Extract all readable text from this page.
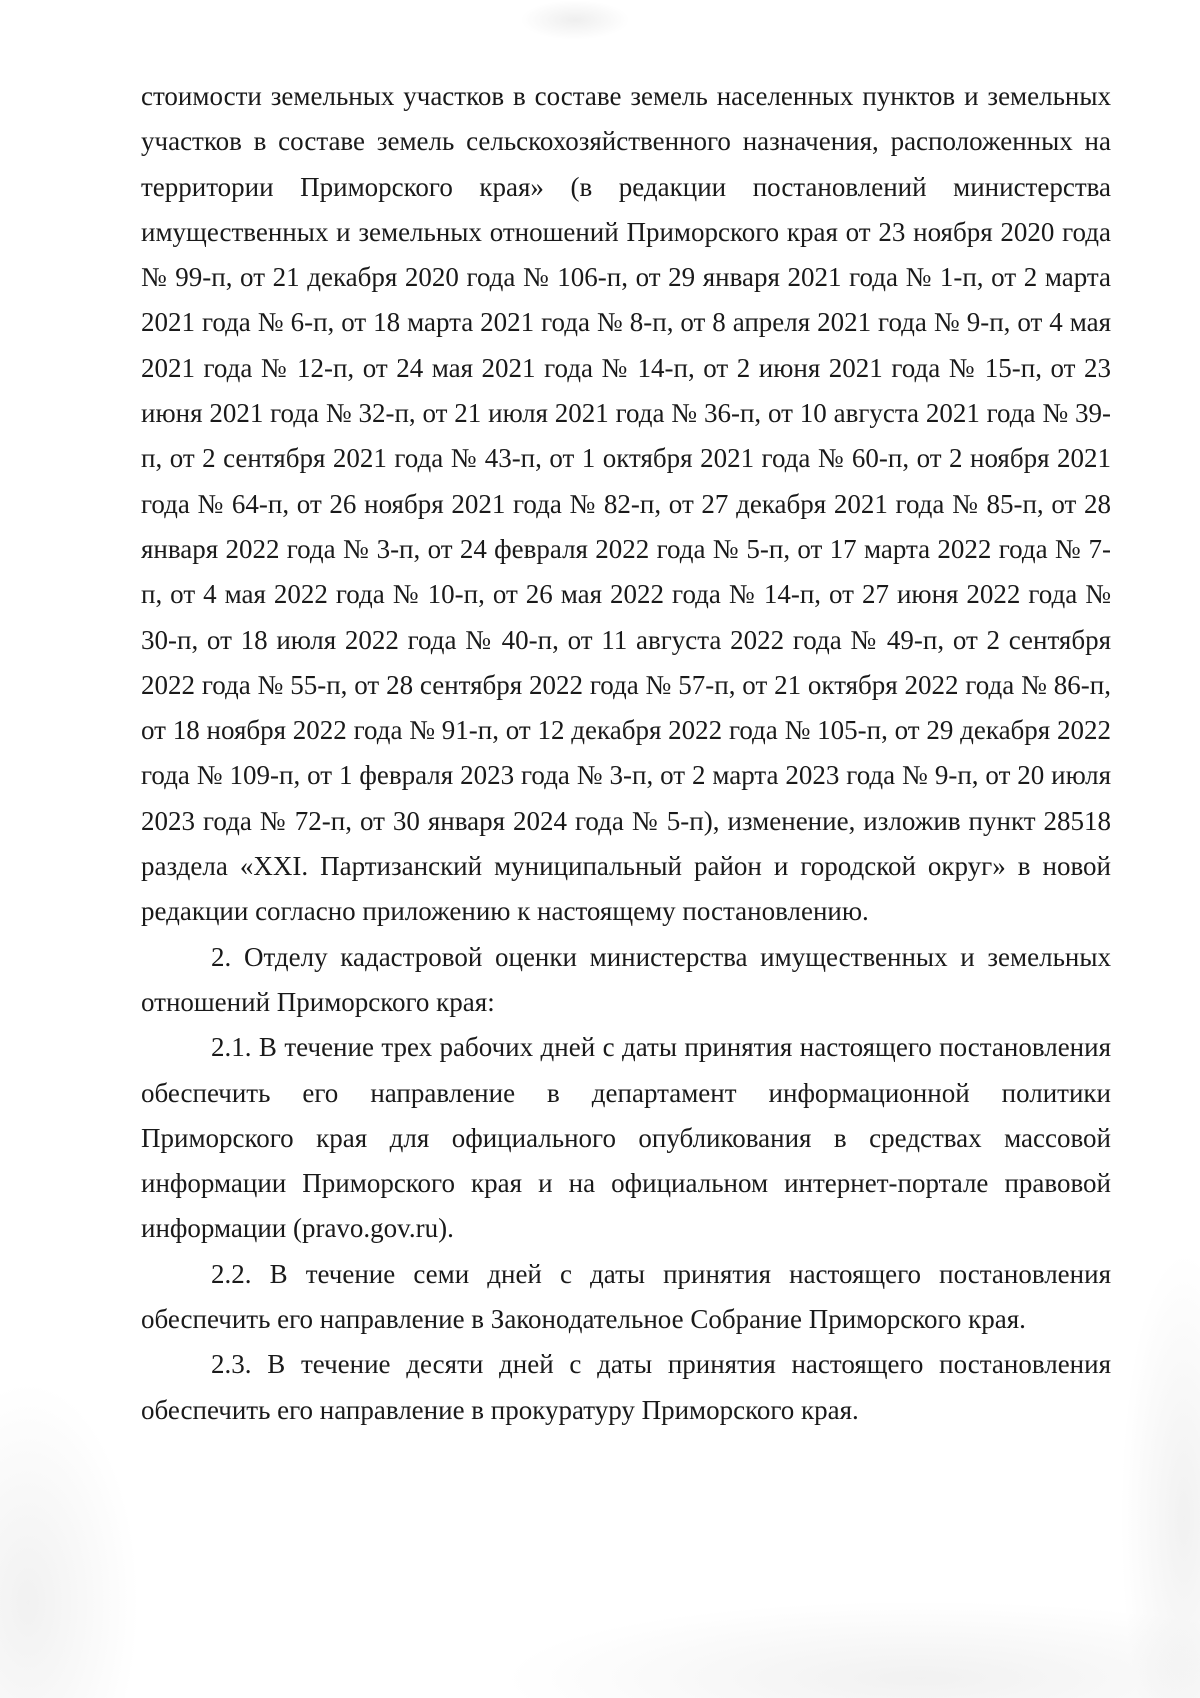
стоимости земельных участков в составе земель населенных пунктов и земельных участков в составе земель сельскохозяйственного назначения, расположенных на территории Приморского края» (в редакции постановлений министерства имущественных и земельных отношений Приморского края от 23 ноября 2020 года № 99-п, от 21 декабря 2020 года № 106-п, от 29 января 2021 года № 1-п, от 2 марта 2021 года № 6-п, от 18 марта 2021 года № 8-п, от 8 апреля 2021 года № 9-п, от 4 мая 2021 года № 12-п, от 24 мая 2021 года № 14-п, от 2 июня 2021 года № 15-п, от 23 июня 2021 года № 32-п, от 21 июля 2021 года № 36-п, от 10 августа 2021 года № 39-п, от 2 сентября 2021 года № 43-п, от 1 октября 2021 года № 60-п, от 2 ноября 2021 года № 64-п, от 26 ноября 2021 года № 82-п, от 27 декабря 2021 года № 85-п, от 28 января 2022 года № 3-п, от 24 февраля 2022 года № 5-п, от 17 марта 2022 года № 7-п, от 4 мая 2022 года № 10-п, от 26 мая 2022 года № 14-п, от 27 июня 2022 года № 30-п, от 18 июля 2022 года № 40-п, от 11 августа 2022 года № 49-п, от 2 сентября 2022 года № 55-п, от 28 сентября 2022 года № 57-п, от 21 октября 2022 года № 86-п, от 18 ноября 2022 года № 91-п, от 12 декабря 2022 года № 105-п, от 29 декабря 2022 года № 109-п, от 1 февраля 2023 года № 3-п, от 2 марта 2023 года № 9-п, от 20 июля 2023 года № 72-п, от 30 января 2024 года № 5-п), изменение, изложив пункт 28518 раздела «XXI. Партизанский муниципальный район и городской округ» в новой редакции согласно приложению к настоящему постановлению.

2. Отделу кадастровой оценки министерства имущественных и земельных отношений Приморского края:

2.1. В течение трех рабочих дней с даты принятия настоящего постановления обеспечить его направление в департамент информационной политики Приморского края для официального опубликования в средствах массовой информации Приморского края и на официальном интернет-портале правовой информации (pravo.gov.ru).

2.2. В течение семи дней с даты принятия настоящего постановления обеспечить его направление в Законодательное Собрание Приморского края.

2.3. В течение десяти дней с даты принятия настоящего постановления обеспечить его направление в прокуратуру Приморского края.
